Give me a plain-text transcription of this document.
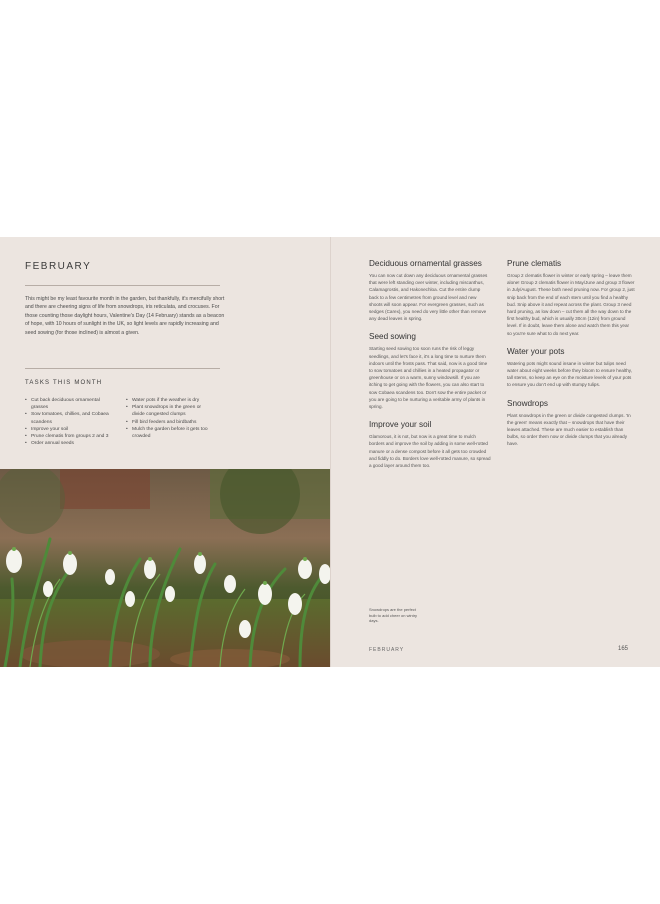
FEBRUARY
This might be my least favourite month in the garden, but thankfully, it's mercifully short and there are cheering signs of life from snowdrops, iris reticulata, and crocuses. For those counting those daylight hours, Valentine's Day (14 February) stands as a beacon of hope, with 10 hours of sunlight in the UK, so light levels are rapidly increasing and seed sowing (for those inclined) is almost a given.
TASKS THIS MONTH
• Cut back deciduous ornamental grasses
• Sow tomatoes, chillies, and Cobaea scandens
• Improve your soil
• Prune clematis from groups 2 and 3
• Order annual seeds
• Water pots if the weather is dry
• Plant snowdrops in the green or divide congested clumps
• Fill bird feeders and birdbaths
• Mulch the garden before it gets too crowded
Deciduous ornamental grasses
You can now cut down any deciduous ornamental grasses that were left standing over winter, including miscanthus, Calamagrostis, and Hakonechloa. Cut the entire clump back to a few centimetres from ground level and new shoots will soon appear. For evergreen grasses, such as sedges (Carex), you need do very little other than remove any dead leaves in spring.
Seed sowing
Starting seed sowing too soon runs the risk of leggy seedlings, and let's face it, it's a long time to nurture them indoors until the frosts pass. That said, now is a good time to sow tomatoes and chillies in a heated propagator or greenhouse or on a warm, sunny windowsill. If you are itching to get going with the flowers, you can also start to sow Cobaea scandens too. Don't sow the entire packet or you are going to be nurturing a veritable army of plants in spring.
Improve your soil
Glamorous, it is not, but now is a great time to mulch borders and improve the soil by adding in some well-rotted manure or a dense compost before it all gets too crowded and fiddly to do. Borders love well-rotted manure, so spread a good layer around them too.
Prune clematis
Group 2 clematis flower in winter or early spring – leave them alone! Group 2 clematis flower in May/June and group 3 flower in July/August. These both need pruning now. For group 2, just snip back from the end of each stem until you find a healthy bud. Snip above it and repeat across the plant. Group 3 need hard pruning, as low down – cut them all the way down to the first healthy bud, which is usually 30cm (12in) from ground level. If in doubt, leave them alone and watch them this year so you're sure what to do next year.
Water your pots
Watering pots might sound insane in winter but tulips need water about eight weeks before they bloom to ensure healthy, tall stems, so keep an eye on the moisture levels of your pots to ensure you don't end up with stumpy tulips.
Snowdrops
Plant snowdrops in the green or divide congested clumps. 'In the green' means exactly that – snowdrops that have their leaves attached. These are much easier to establish than bulbs, so order them now or divide clumps that you already have.
Snowdrops are the perfect bulb to add cheer on wintry days.
FEBRUARY	165
